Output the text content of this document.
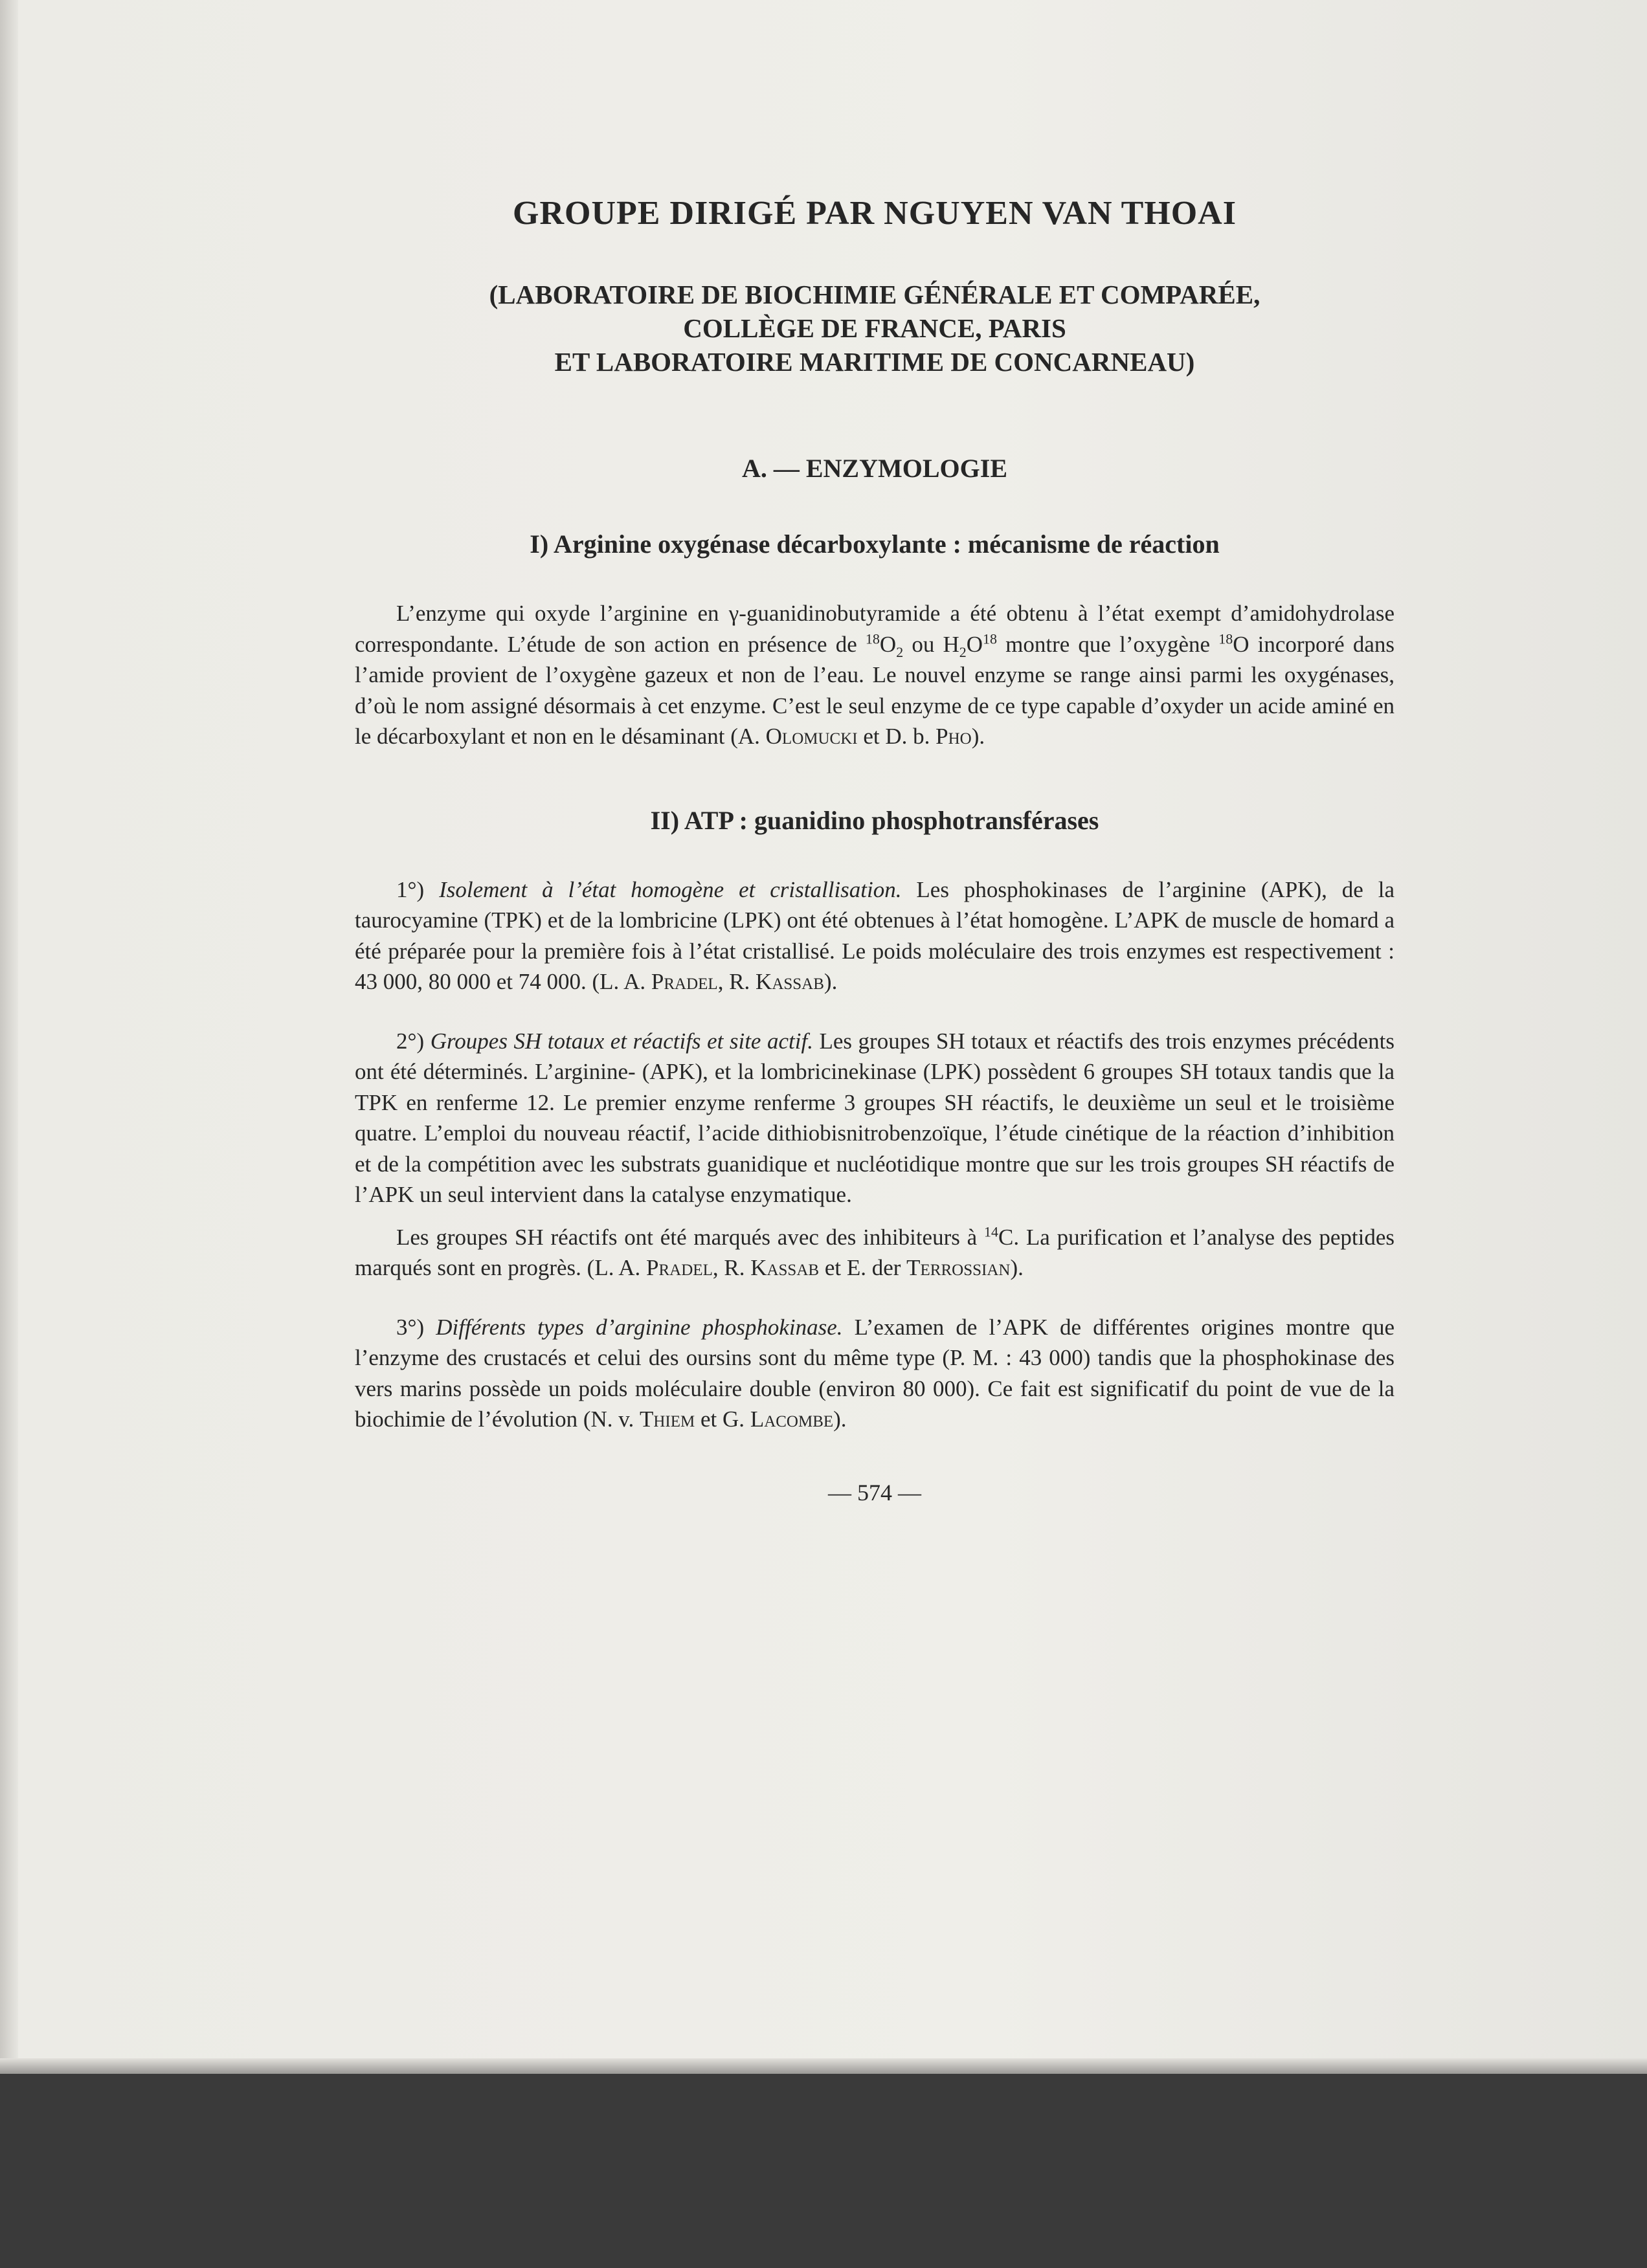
GROUPE DIRIGÉ PAR NGUYEN VAN THOAI
(LABORATOIRE DE BIOCHIMIE GÉNÉRALE ET COMPARÉE,
COLLÈGE DE FRANCE, PARIS
ET LABORATOIRE MARITIME DE CONCARNEAU)
A. — ENZYMOLOGIE
I) Arginine oxygénase décarboxylante : mécanisme de réaction

L’enzyme qui oxyde l’arginine en γ-guanidinobutyramide a été obtenu à l’état exempt d’amidohydrolase correspondante. L’étude de son action en présence de $^{18}O_2$ ou $H_2O^{18}$ montre que l’oxygène $^{18}$O incorporé dans l’amide provient de l’oxygène gazeux et non de l’eau. Le nouvel enzyme se range ainsi parmi les oxygénases, d’où le nom assigné désormais à cet enzyme. C’est le seul enzyme de ce type capable d’oxyder un acide aminé en le décarboxylant et non en le désaminant (A. Olomucki et D. b. Pho).

II) ATP : guanidino phosphotransférases

1°) Isolement à l’état homogène et cristallisation. Les phosphokinases de l’arginine (APK), de la taurocyamine (TPK) et de la lombricine (LPK) ont été obtenues à l’état homogène. L’APK de muscle de homard a été préparée pour la première fois à l’état cristallisé. Le poids moléculaire des trois enzymes est respectivement : 43 000, 80 000 et 74 000. (L. A. Pradel, R. Kassab).

2°) Groupes SH totaux et réactifs et site actif. Les groupes SH totaux et réactifs des trois enzymes précédents ont été déterminés. L’arginine- (APK), et la lombricinekinase (LPK) possèdent 6 groupes SH totaux tandis que la TPK en renferme 12. Le premier enzyme renferme 3 groupes SH réactifs, le deuxième un seul et le troisième quatre. L’emploi du nouveau réactif, l’acide dithiobisnitrobenzoïque, l’étude cinétique de la réaction d’inhibition et de la compétition avec les substrats guanidique et nucléotidique montre que sur les trois groupes SH réactifs de l’APK un seul intervient dans la catalyse enzymatique.

Les groupes SH réactifs ont été marqués avec des inhibiteurs à $^{14}$C. La purification et l’analyse des peptides marqués sont en progrès. (L. A. Pradel, R. Kassab et E. der Terrossian).

3°) Différents types d’arginine phosphokinase. L’examen de l’APK de différentes origines montre que l’enzyme des crustacés et celui des oursins sont du même type (P. M. : 43 000) tandis que la phosphokinase des vers marins possède un poids moléculaire double (environ 80 000). Ce fait est significatif du point de vue de la biochimie de l’évolution (N. v. Thiem et G. Lacombe).

— 574 —
